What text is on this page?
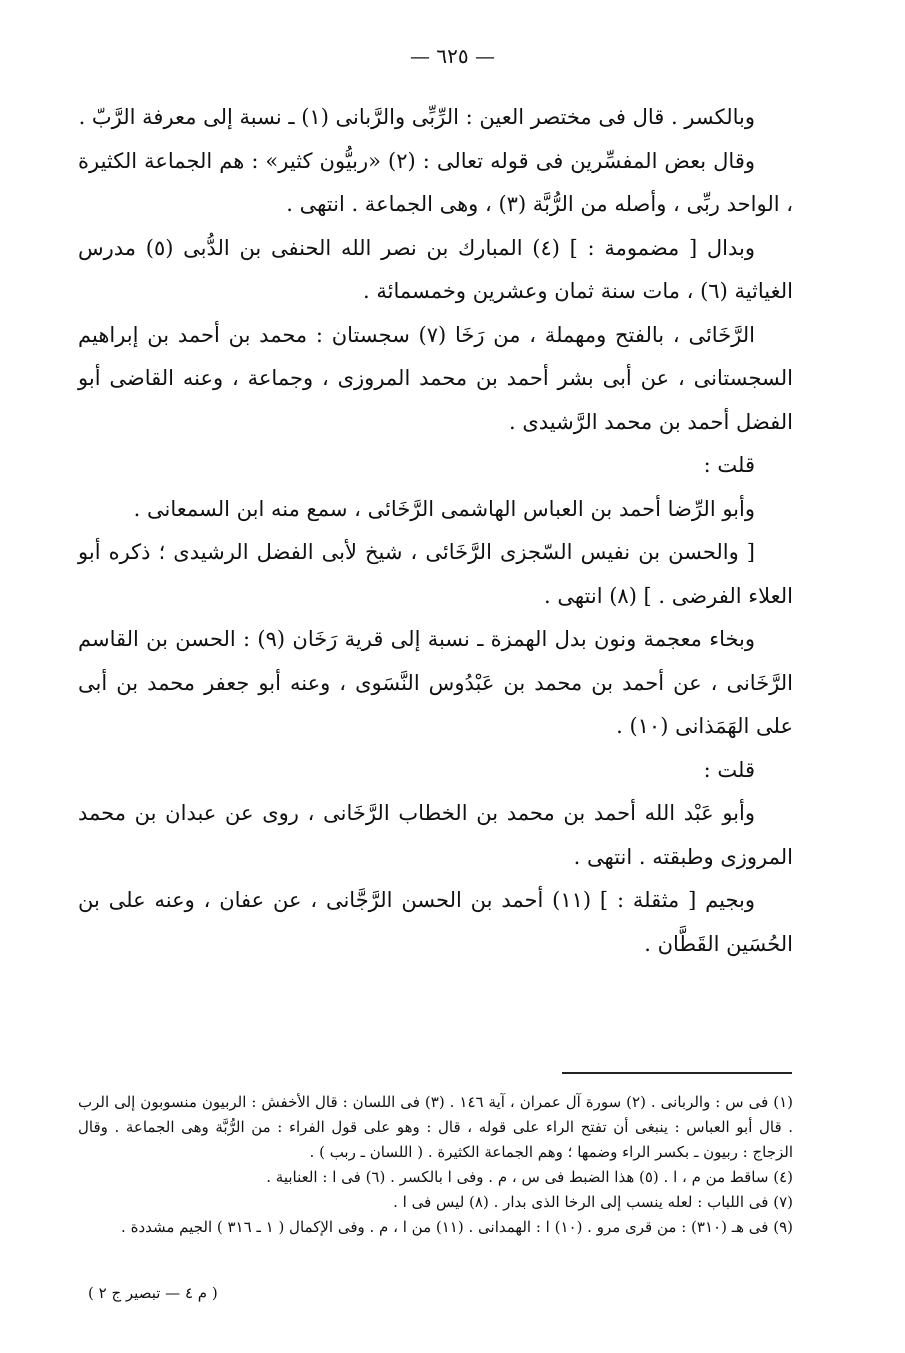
— ٦٢٥ —

وبالكسر . قال فى مختصر العين : الرِّبِّى والرَّبانى (١) ـ نسبة إلى معرفة الرَّبّ .

وقال بعض المفسِّرين فى قوله تعالى : (٢) «ربيُّون كثير» : هم الجماعة الكثيرة ، الواحد ربِّى ، وأصله من الرُّبَّة (٣) ، وهى الجماعة . انتهى .

وبدال [ مضمومة : ] (٤) المبارك بن نصر الله الحنفى بن الدُّبى (٥) مدرس الغياثية (٦) ، مات سنة ثمان وعشرين وخمسمائة .

الرَّخَائى ، بالفتح ومهملة ، من رَخَا (٧) سجستان : محمد بن أحمد بن إبراهيم السجستانى ، عن أبى بشر أحمد بن محمد المروزى ، وجماعة ، وعنه القاضى أبو الفضل أحمد بن محمد الرَّشيدى .

قلت :

وأبو الرِّضا أحمد بن العباس الهاشمى الرَّخَائى ، سمع منه ابن السمعانى .

[ والحسن بن نفيس السّجزى الرَّخَائى ، شيخ لأبى الفضل الرشيدى ؛ ذكره أبو العلاء الفرضى . ] (٨) انتهى .

وبخاء معجمة ونون بدل الهمزة ـ نسبة إلى قرية رَخَان (٩) : الحسن بن القاسم الرَّخَانى ، عن أحمد بن محمد بن عَبْدُوس النَّسَوى ، وعنه أبو جعفر محمد بن أبى على الهَمَذانى (١٠) .

قلت :

وأبو عَبْد الله أحمد بن محمد بن الخطاب الرَّخَانى ، روى عن عبدان بن محمد المروزى وطبقته . انتهى .

وبجيم [ مثقلة : ] (١١) أحمد بن الحسن الرَّجَّانى ، عن عفان ، وعنه على بن الحُسَين القَطَّان .

(١) فى س : والربانى . (٢) سورة آل عمران ، آية ١٤٦ . (٣) فى اللسان : قال الأخفش : الربيون منسوبون إلى الرب . قال أبو العباس : ينبغى أن تفتح الراء على قوله ، قال : وهو على قول الفراء : من الرُّبَّة وهى الجماعة . وقال الزجاج : ربيون ـ بكسر الراء وضمها ؛ وهم الجماعة الكثيرة . ( اللسان ـ ربب ) .

(٤) ساقط من م ، ا . (٥) هذا الضبط فى س ، م . وفى ا بالكسر . (٦) فى ا : العنابية .

(٧) فى اللباب : لعله ينسب إلى الرخا الذى بدار . (٨) ليس فى ا .

(٩) فى هـ (٣١٠) : من قرى مرو . (١٠) ا : الهمدانى . (١١) من ا ، م . وفى الإكمال ( ١ ـ ٣١٦ ) الجيم مشددة .

( م ٤ — تبصير ج ٢ )
